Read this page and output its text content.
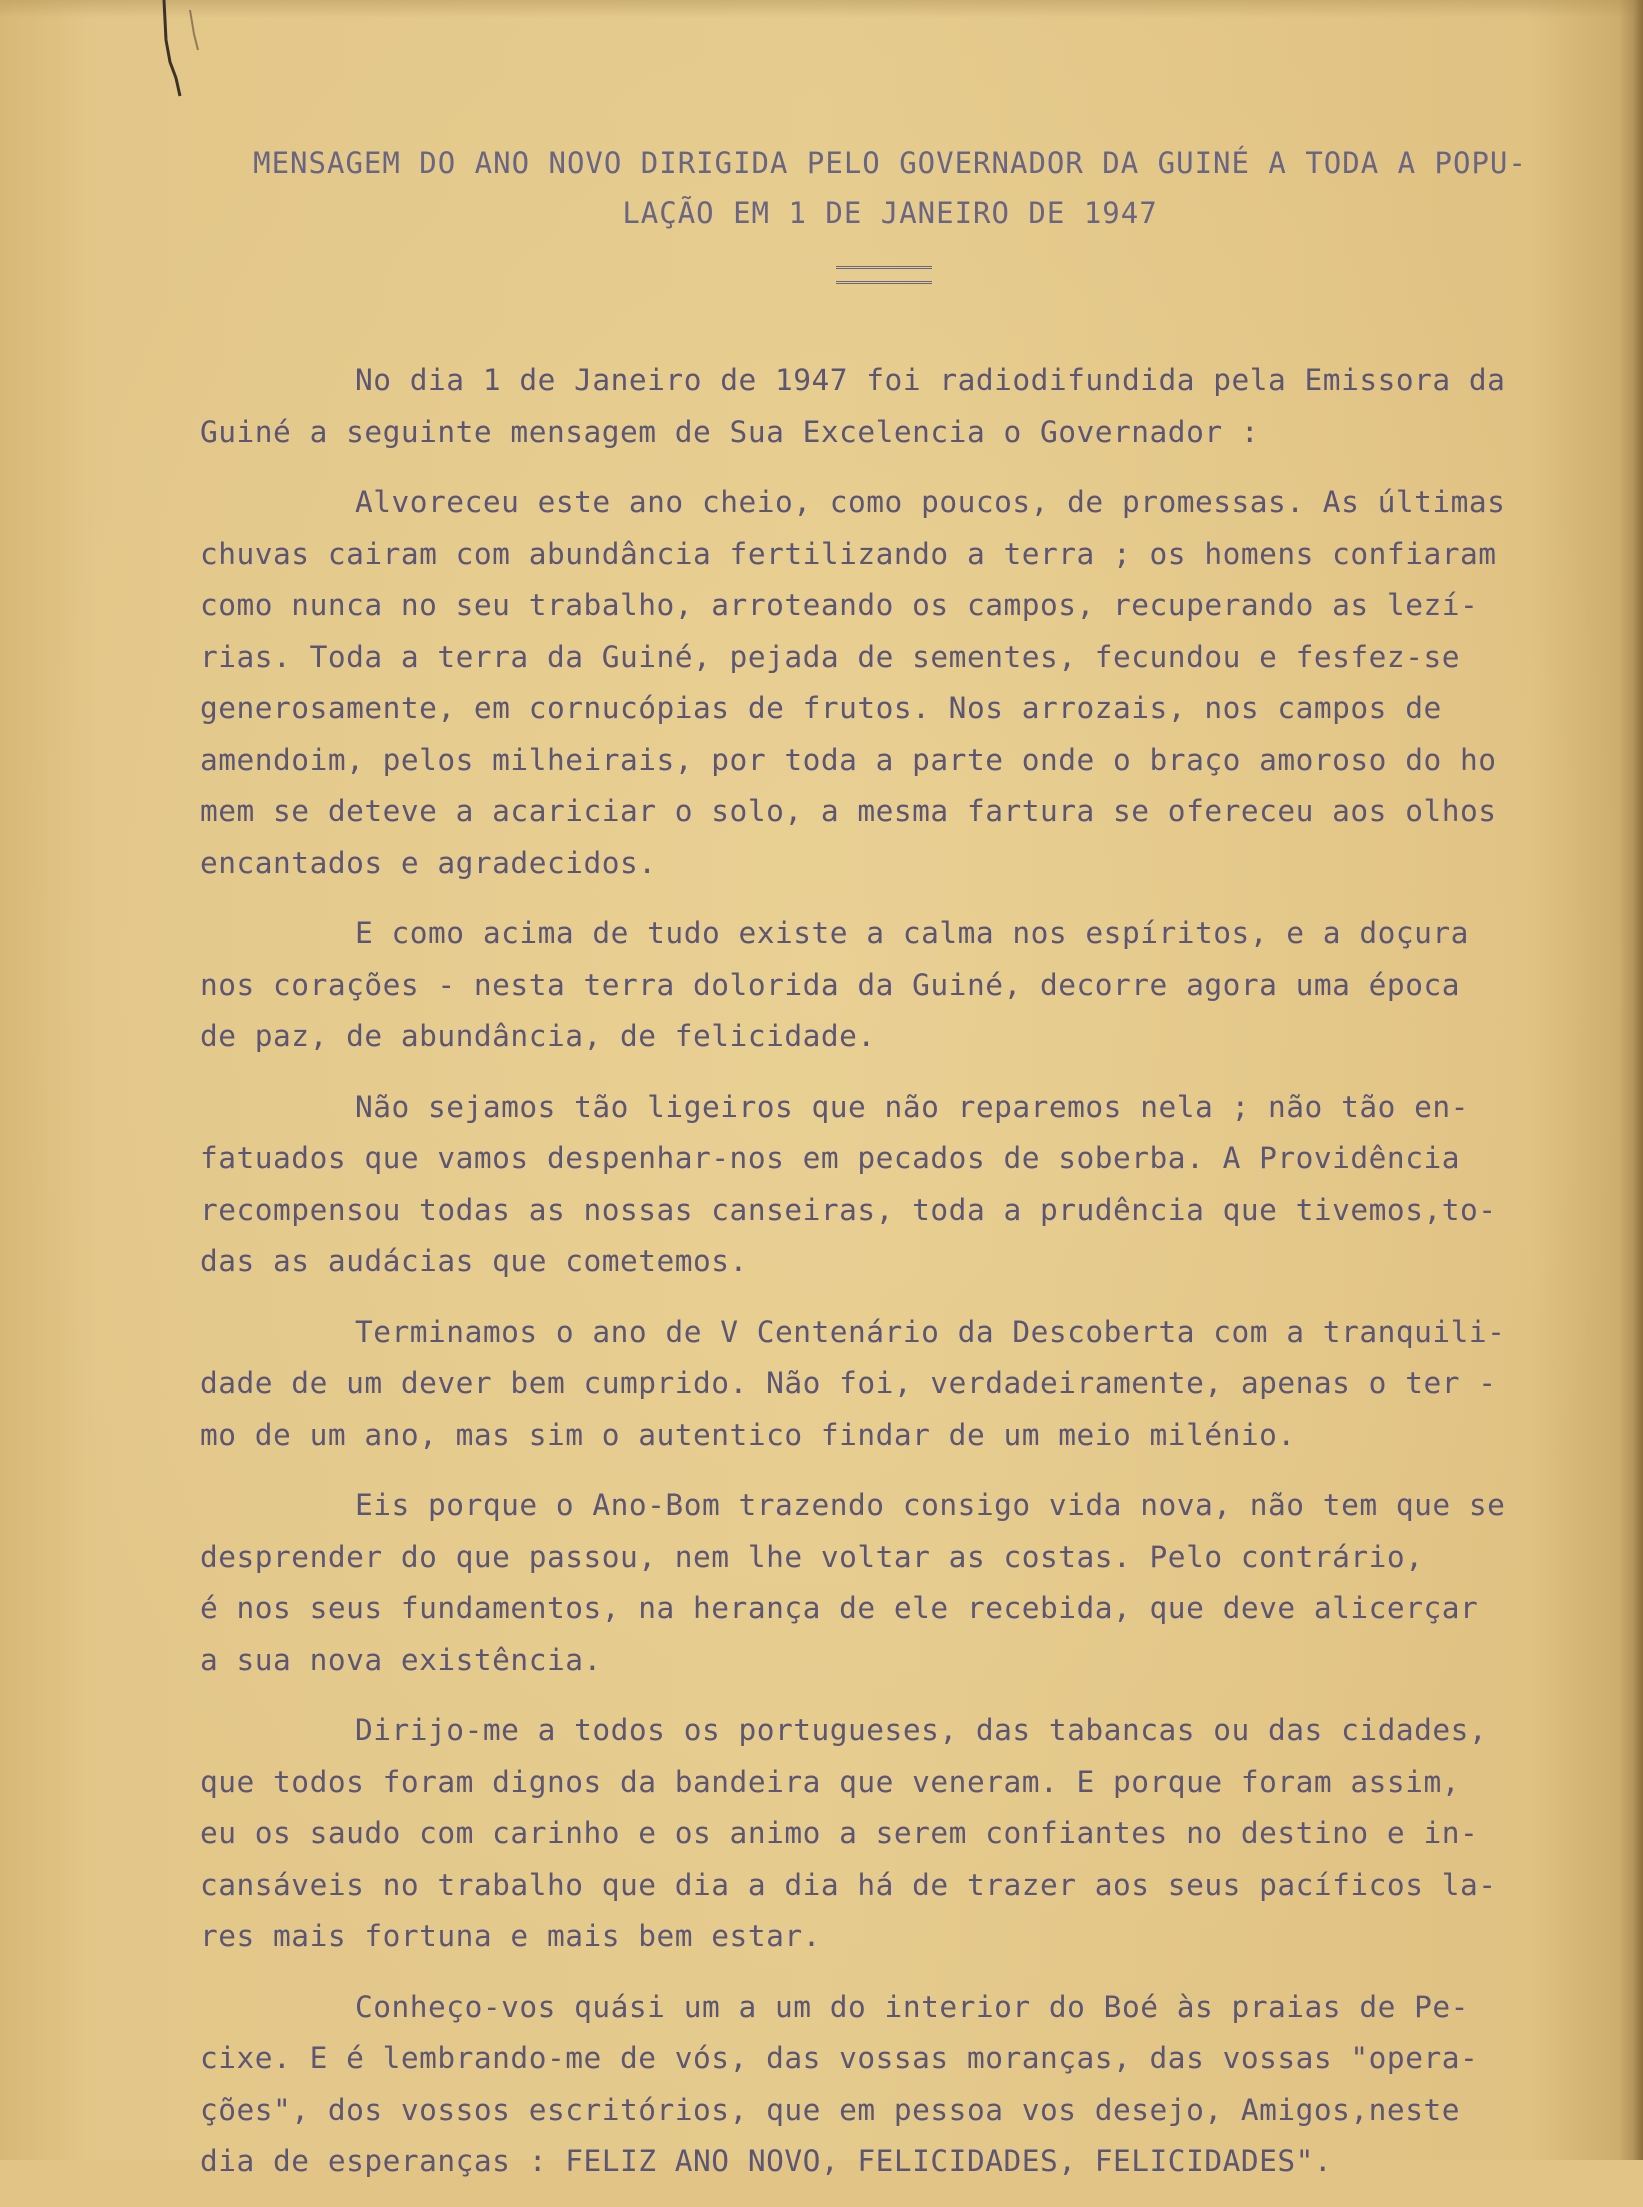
MENSAGEM DO ANO NOVO DIRIGIDA PELO GOVERNADOR DA GUINÉ A TODA A POPU-
LAÇÃO EM 1 DE JANEIRO DE 1947
No dia 1 de Janeiro de 1947 foi radiodifundida pela Emissora da
Guiné a seguinte mensagem de Sua Excelencia o Governador :
Alvoreceu este ano cheio, como poucos, de promessas. As últimas
chuvas cairam com abundância fertilizando a terra ; os homens confiaram
como nunca no seu trabalho, arroteando os campos, recuperando as lezí-
rias. Toda a terra da Guiné, pejada de sementes, fecundou e fesfez-se
generosamente, em cornucópias de frutos. Nos arrozais, nos campos de
amendoim, pelos milheirais, por toda a parte onde o braço amoroso do ho
mem se deteve a acariciar o solo, a mesma fartura se ofereceu aos olhos
encantados e agradecidos.
E como acima de tudo existe a calma nos espíritos, e a doçura
nos corações - nesta terra dolorida da Guiné, decorre agora uma época
de paz, de abundância, de felicidade.
Não sejamos tão ligeiros que não reparemos nela ; não tão en-
fatuados que vamos despenhar-nos em pecados de soberba. A Providência
recompensou todas as nossas canseiras, toda a prudência que tivemos,to-
das as audácias que cometemos.
Terminamos o ano de V Centenário da Descoberta com a tranquili-
dade de um dever bem cumprido. Não foi, verdadeiramente, apenas o ter -
mo de um ano, mas sim o autentico findar de um meio milénio.
Eis porque o Ano-Bom trazendo consigo vida nova, não tem que se
desprender do que passou, nem lhe voltar as costas. Pelo contrário,
é nos seus fundamentos, na herança de ele recebida, que deve alicerçar
a sua nova existência.
Dirijo-me a todos os portugueses, das tabancas ou das cidades,
que todos foram dignos da bandeira que veneram. E porque foram assim,
eu os saudo com carinho e os animo a serem confiantes no destino e in-
cansáveis no trabalho que dia a dia há de trazer aos seus pacíficos la-
res mais fortuna e mais bem estar.
Conheço-vos quási um a um do interior do Boé às praias de Pe-
cixe. E é lembrando-me de vós, das vossas moranças, das vossas "opera-
ções", dos vossos escritórios, que em pessoa vos desejo, Amigos,neste
dia de esperanças : FELIZ ANO NOVO, FELICIDADES, FELICIDADES".
